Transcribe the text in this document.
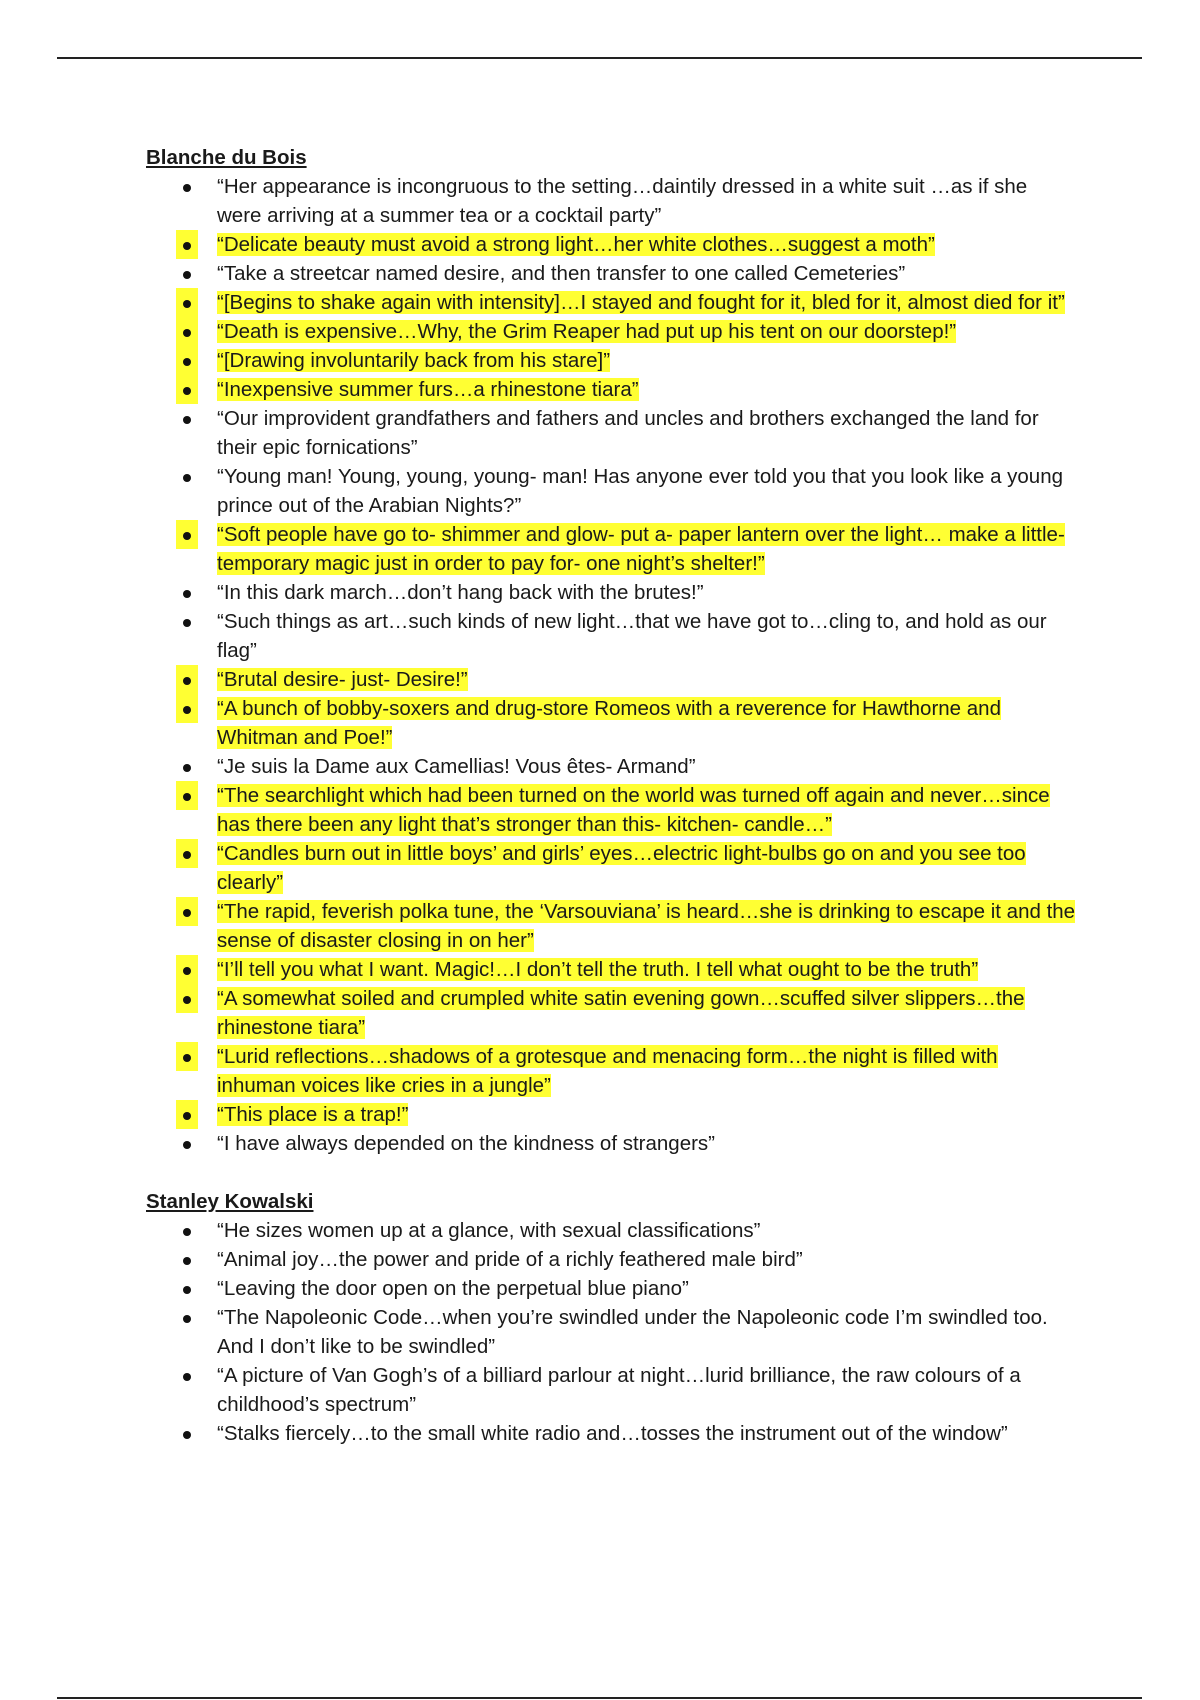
Blanche du Bois

“Her appearance is incongruous to the setting…daintily dressed in a white suit …as if she were arriving at a summer tea or a cocktail party”
“Delicate beauty must avoid a strong light…her white clothes…suggest a moth”
“Take a streetcar named desire, and then transfer to one called Cemeteries”
“[Begins to shake again with intensity]…I stayed and fought for it, bled for it, almost died for it”
“Death is expensive…Why, the Grim Reaper had put up his tent on our doorstep!”
“[Drawing involuntarily back from his stare]”
“Inexpensive summer furs…a rhinestone tiara”
“Our improvident grandfathers and fathers and uncles and brothers exchanged the land for their epic fornications”
“Young man! Young, young, young- man! Has anyone ever told you that you look like a young prince out of the Arabian Nights?”
“Soft people have go to- shimmer and glow- put a- paper lantern over the light… make a little- temporary magic just in order to pay for- one night’s shelter!”
“In this dark march…don’t hang back with the brutes!”
“Such things as art…such kinds of new light…that we have got to…cling to, and hold as our flag”
“Brutal desire- just- Desire!”
“A bunch of bobby-soxers and drug-store Romeos with a reverence for Hawthorne and Whitman and Poe!”
“Je suis la Dame aux Camellias! Vous êtes- Armand”
“The searchlight which had been turned on the world was turned off again and never…since has there been any light that’s stronger than this- kitchen- candle…”
“Candles burn out in little boys’ and girls’ eyes…electric light-bulbs go on and you see too clearly”
“The rapid, feverish polka tune, the ‘Varsouviana’ is heard…she is drinking to escape it and the sense of disaster closing in on her”
“I’ll tell you what I want. Magic!…I don’t tell the truth. I tell what ought to be the truth”
“A somewhat soiled and crumpled white satin evening gown…scuffed silver slippers…the rhinestone tiara”
“Lurid reflections…shadows of a grotesque and menacing form…the night is filled with inhuman voices like cries in a jungle”
“This place is a trap!”
“I have always depended on the kindness of strangers”

Stanley Kowalski

“He sizes women up at a glance, with sexual classifications”
“Animal joy…the power and pride of a richly feathered male bird”
“Leaving the door open on the perpetual blue piano”
“The Napoleonic Code…when you’re swindled under the Napoleonic code I’m swindled too. And I don’t like to be swindled”
“A picture of Van Gogh’s of a billiard parlour at night…lurid brilliance, the raw colours of a childhood’s spectrum”
“Stalks fiercely…to the small white radio and…tosses the instrument out of the window”
